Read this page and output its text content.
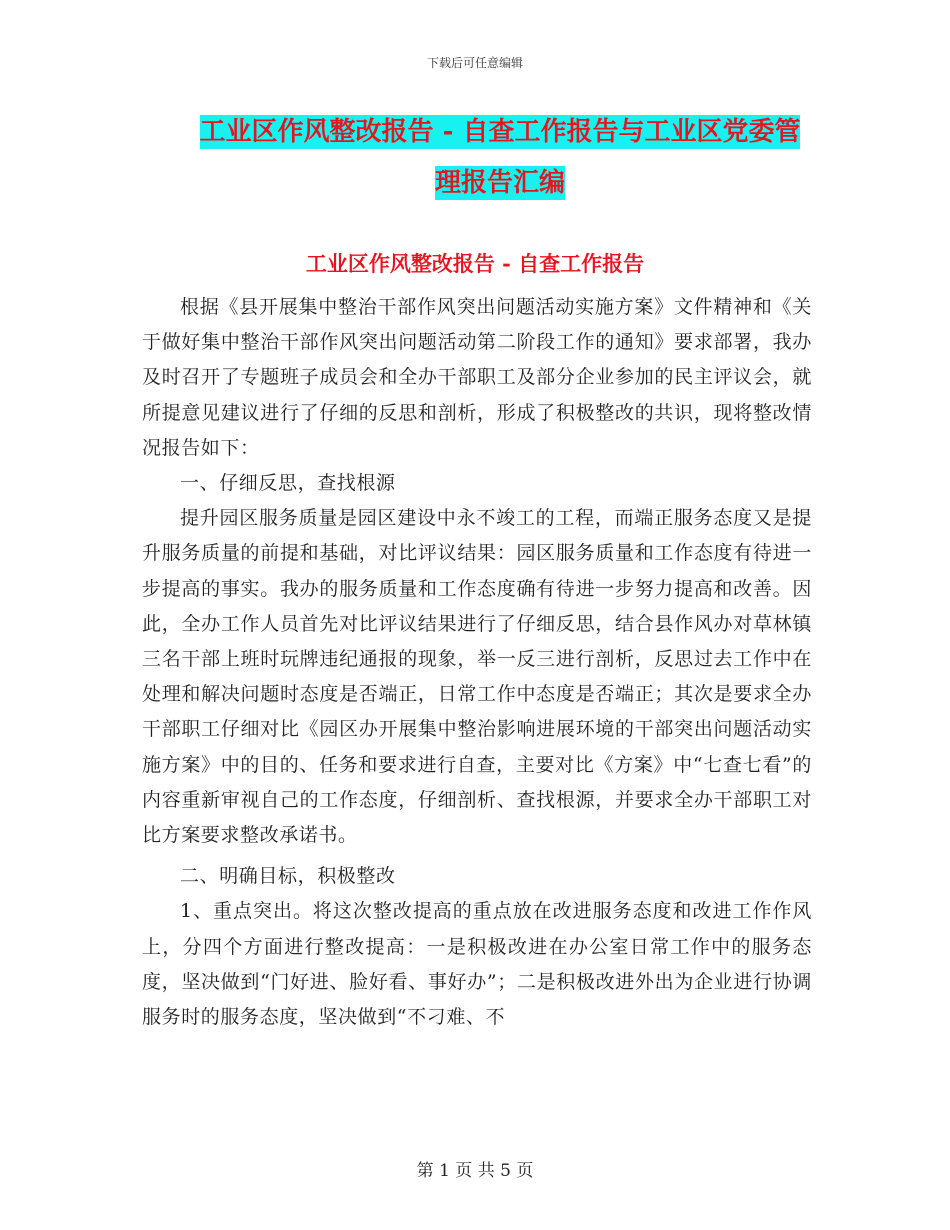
下载后可任意编辑
工业区作风整改报告 - 自查工作报告与工业区党委管
理报告汇编
工业区作风整改报告 - 自查工作报告

根据《县开展集中整治干部作风突出问题活动实施方案》文件精神和《关于做好集中整治干部作风突出问题活动第二阶段工作的通知》要求部署，我办及时召开了专题班子成员会和全办干部职工及部分企业参加的民主评议会，就所提意见建议进行了仔细的反思和剖析，形成了积极整改的共识，现将整改情况报告如下：

一、仔细反思，查找根源

提升园区服务质量是园区建设中永不竣工的工程，而端正服务态度又是提升服务质量的前提和基础，对比评议结果：园区服务质量和工作态度有待进一步提高的事实。我办的服务质量和工作态度确有待进一步努力提高和改善。因此，全办工作人员首先对比评议结果进行了仔细反思，结合县作风办对草林镇三名干部上班时玩牌违纪通报的现象，举一反三进行剖析，反思过去工作中在处理和解决问题时态度是否端正，日常工作中态度是否端正；其次是要求全办干部职工仔细对比《园区办开展集中整治影响进展环境的干部突出问题活动实施方案》中的目的、任务和要求进行自查，主要对比《方案》中“七查七看”的内容重新审视自己的工作态度，仔细剖析、查找根源，并要求全办干部职工对比方案要求整改承诺书。

二、明确目标，积极整改

1、重点突出。将这次整改提高的重点放在改进服务态度和改进工作作风上，分四个方面进行整改提高：一是积极改进在办公室日常工作中的服务态度，坚决做到“门好进、脸好看、事好办”；二是积极改进外出为企业进行协调服务时的服务态度，坚决做到“不刁难、不

第 1 页 共 5 页
